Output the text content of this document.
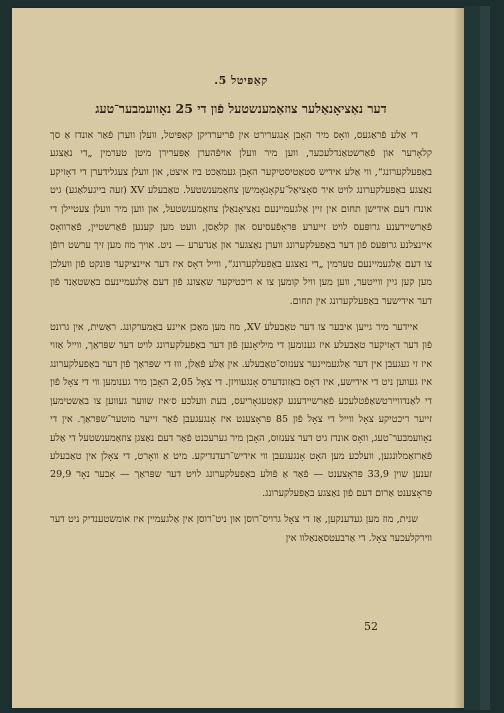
קאַפּיטל 5.
דער נאַציאָנאַלער צוזאַמענשטעל פֿון די 25 נאָוועמבער־טעג

די אַלע פֿראַגעס, וואָס מיר האָבן אָנגערירט אין פֿריערדיקן קאַפּיטל, וועלן ווערן פֿאַר אונדז אַ סך קלאָרער און פֿאַרשטאַנדלעכער, ווען מיר וועלן אויפֿהערן אַפּערירן מיטן טערמין „די נאַצגע באַפעלקערונג“, ווי אַלע אידיש סטאַטיסטיקער האָבן געמאַכט ביז איצט, און וועלן צעגלידערן די דאָזיקע נאַצגע באַפעלקערונג לויט איר סאָציאַל־עקאָנאָמישן צוזאַמענשטעל. טאַבעלע XV (זעה בייגעלאַגע) גיט אונדז דעם אידישן תחום אין זיין אַלגעמיינעם נאַציאָנאַלן צוזאַמענשטעל, און ווען מיר וועלן צעטיילן די פֿאַרשיידענע גרופּעס לויט זייערע פּראָפֿעסיעס און קלאַסן, וועט מען קענען פֿאַרשטיין, פֿאַרוואָס איינצלנע גרופּעס פֿון דער באַפעלקערונג ווערן נאַצגער און אַנדערע — ניט. אויך מוז מען זיך ערשט רופֿן צו דעם אַלגעמיינעם טערמין „די נאַצגע באַפעלקערונג“, ווייל דאָס איז דער איינציקער פּונקט פֿון וועלכן מען קען גיין ווייטער, ווען מען וויל קומען צו א ריכטיקער שאַצונג פֿון דעם אַלגעמיינעם באַשטאַנד פֿון דער אידישער באַפעלקערונג אין תחום.

איידער מיר גייען איבער צו דער טאַבעלע XV, מוז מען מאַכן איינע באַמערקונג. ראַשית, אין גרונט פֿון דער דאָזיקער טאַבעלע איז גענומען די מיליאָנען פֿון דער באַפעלקערונג לויט דער שפּראַך, ווייל אַזוי איז זי געגעבן אין דער אַלגעמיינער צענזוס־טאַבעלע. אין אַלע פֿאַלן, וווּ די שפּראַך פֿון דער באַפעלקערונג איז געווען ניט די אידישע, איז דאָס באַזונדערס אָנגעוויזן. די צאָל 2,05 האָבן מיר גענומען ווי די צאָל פֿון די לאַנדוויירטשאַפֿטלעכע פֿאַרשיידענע קאַטעגאָריעס, בעת וועלכע ס׳איז שווער געווען צו באַשטימען זייער ריכטיקע צאָל ווייל די צאָל פֿון 85 פּראָצענט איז אָנגעגעבן פֿאַר זייער מוטער־שפּראַך. אין די נאָוועמבער־טעג, וואָס אונדז גיט דער צענזוס, האָבן מיר גערעכנט פֿאַר דעם נאַצגן צוזאַמענשטעל די אַלע פֿאַרזאַמלונגען, וועלכע מען האָט אָנגעגעבן ווי אידיש־רעדנדיקע. מיט אַ וואָרט, די צאָלן אין טאַבעלע זענען שוין 33,9 פּראָצענט — פֿאַר אַ פֿולע באַפעלקערונג לויט דער שפּראַך — אָבער נאָר 29,9 פּראָצענט אַרום דעם פֿון נאַצגע באַפעלקערונג.

שנית, מוז מען געדענקען, אַז די צאָל גרויס־רוסן און ניט־רוסן אין אַלגעמיין איז אומשטענדיק ניט דער ווירקלעכער צאָל. די אַרבעטסאַנאַלוו אין

52
